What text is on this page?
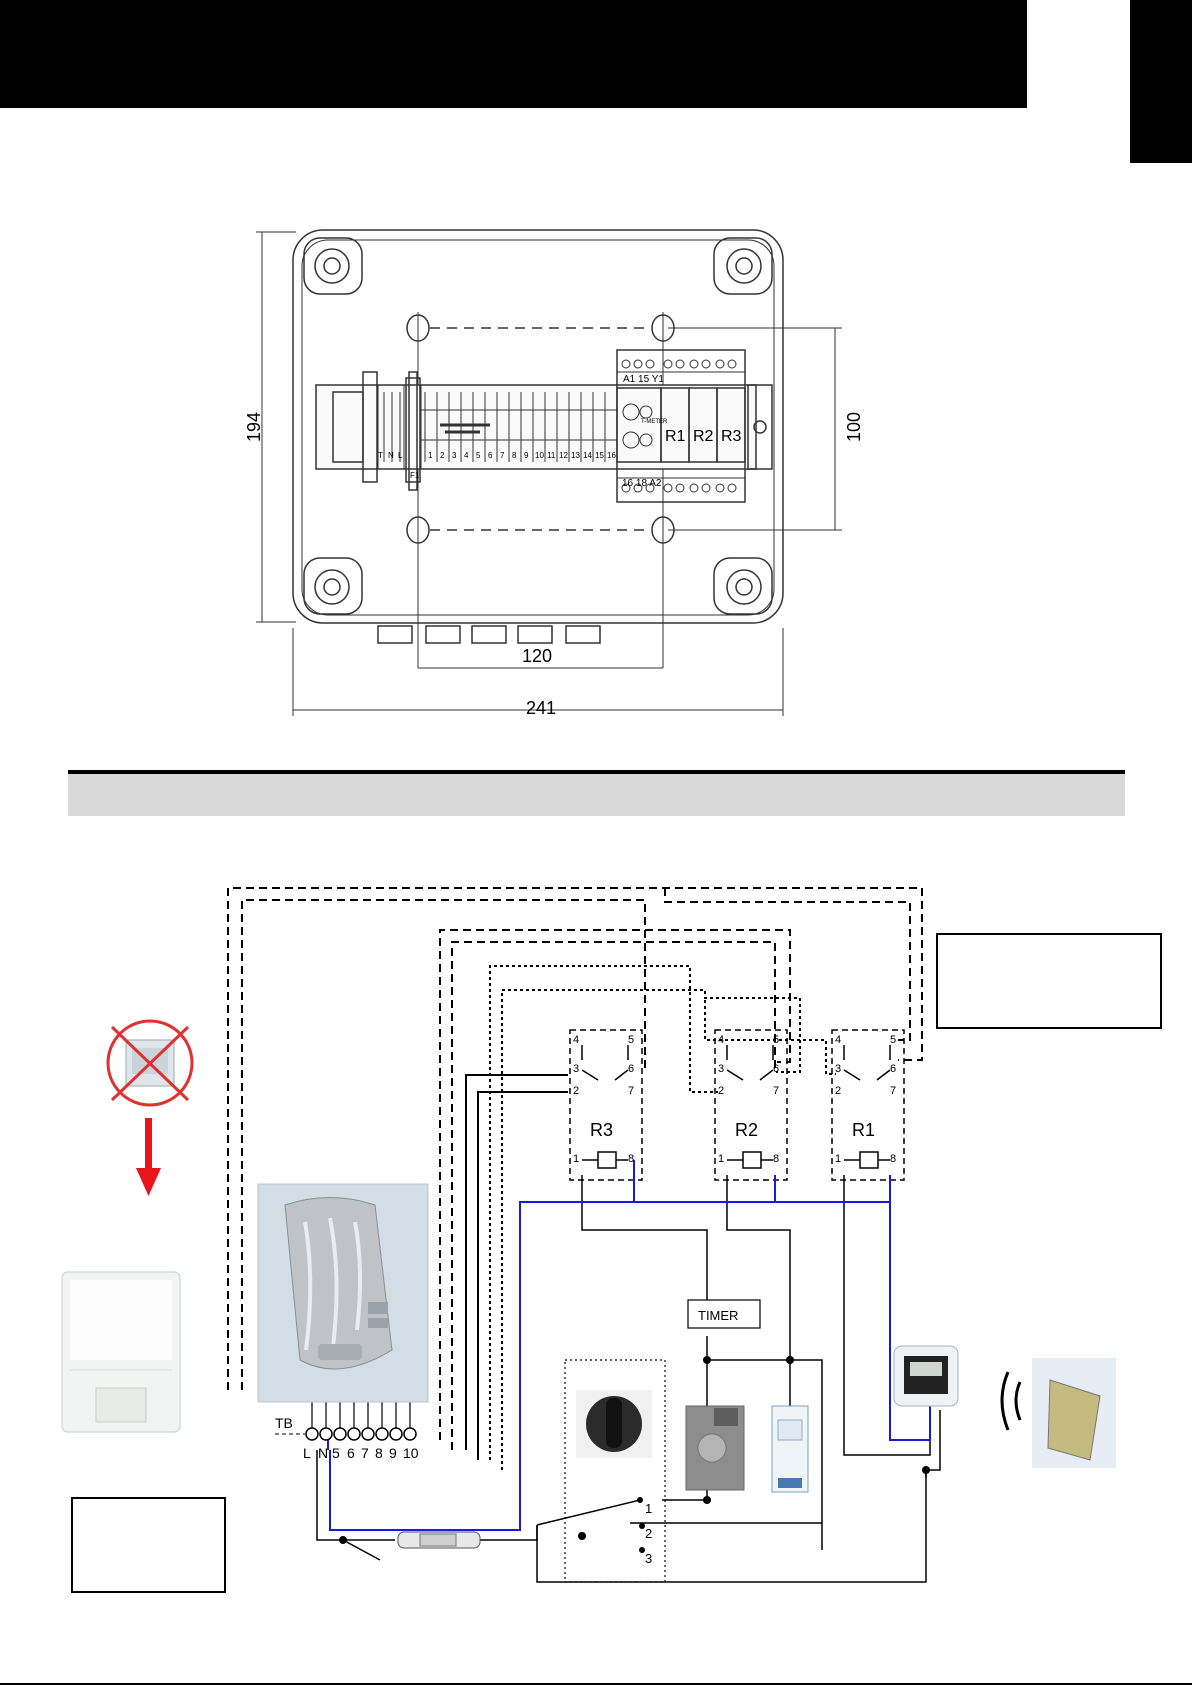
A1 15 Y1
16 18 A2
F1
T-METER
T N L	1 2 3 4 5 6 7 8 9 10 11 12 13 14 15 16
R1 R2 R3
194	100
120
241
4	5
3	6
2	7
1	8
4	5
3	6
2	7
1	8
4	5
3	6
2	7
1	8
R3	R2	R1
TIMER
1
2
3
TB
L N 5 6 7 8 9 10
